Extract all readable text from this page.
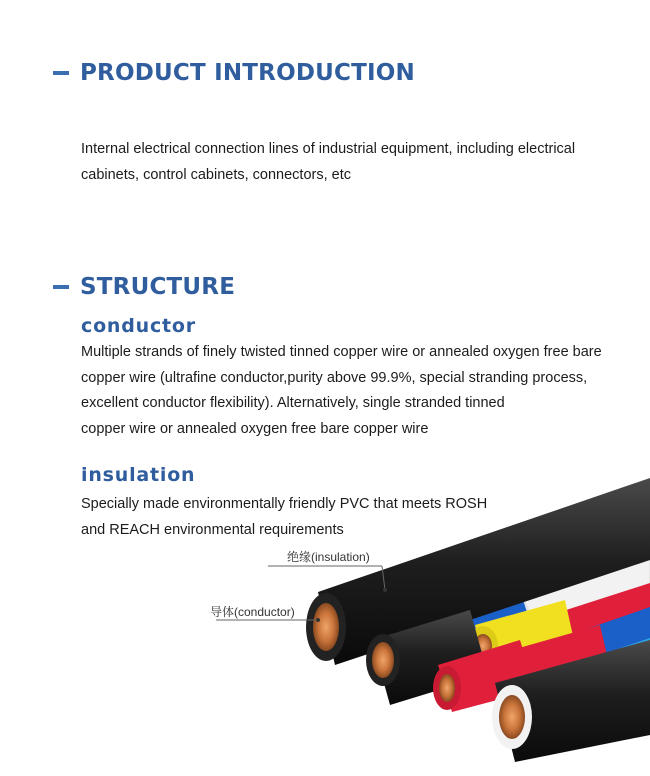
PRODUCT INTRODUCTION
Internal electrical connection lines of industrial equipment, including electrical
cabinets, control cabinets, connectors, etc
STRUCTURE
conductor
Multiple strands of finely twisted tinned copper wire or annealed oxygen free bare
copper wire (ultrafine conductor,purity above 99.9%, special stranding process,
excellent conductor flexibility). Alternatively, single stranded tinned
copper wire or annealed oxygen free bare copper wire
insulation
Specially made environmentally friendly PVC that meets ROSH
and REACH environmental requirements
绝缘(insulation)
导体(conductor)
